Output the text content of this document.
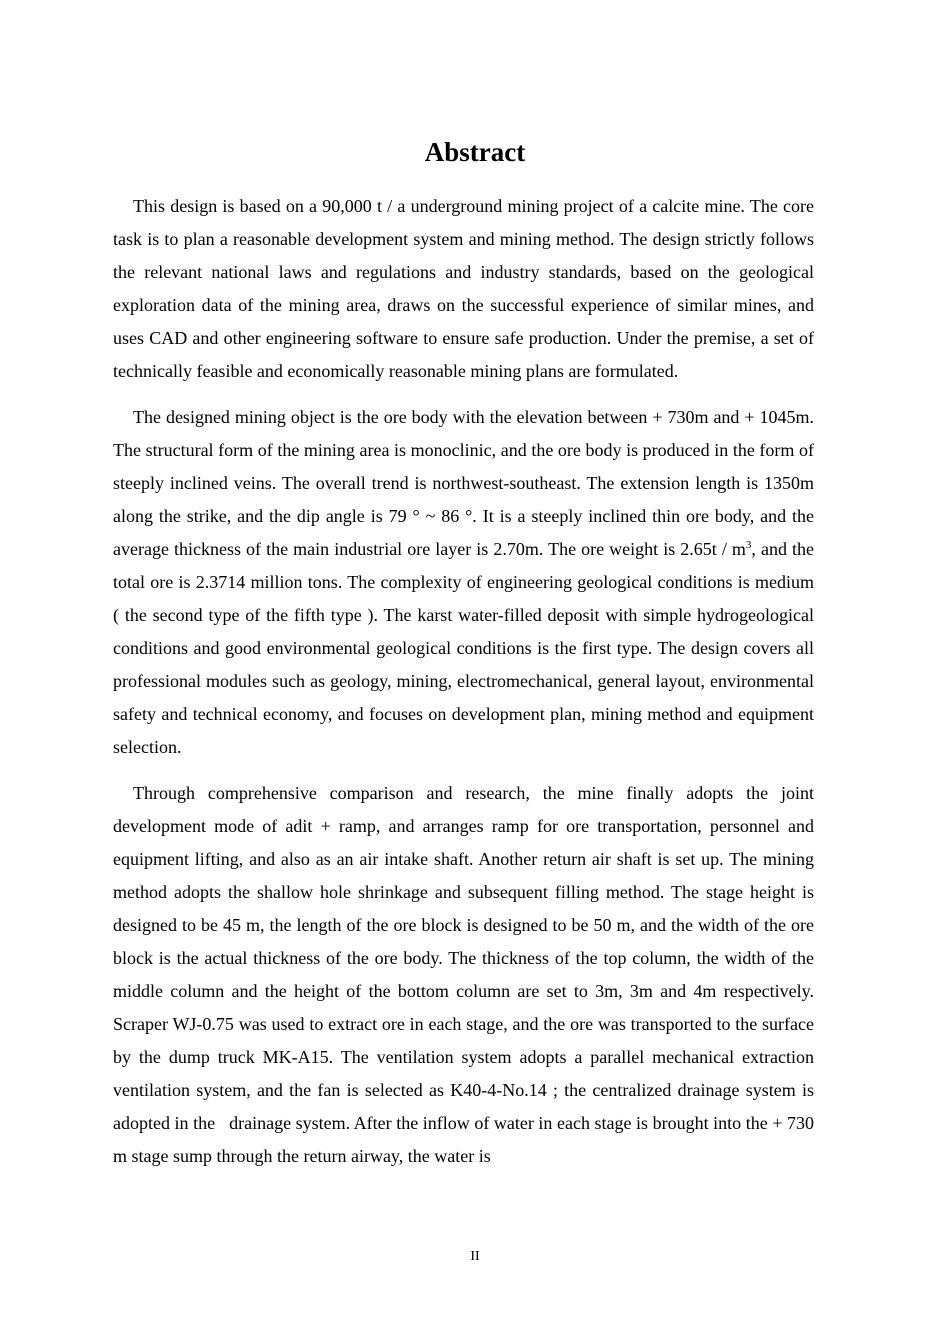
Abstract

This design is based on a 90,000 t / a underground mining project of a calcite mine. The core task is to plan a reasonable development system and mining method. The design strictly follows the relevant national laws and regulations and industry standards, based on the geological exploration data of the mining area, draws on the successful experience of similar mines, and uses CAD and other engineering software to ensure safe production. Under the premise, a set of technically feasible and economically reasonable mining plans are formulated.

The designed mining object is the ore body with the elevation between + 730m and + 1045m. The structural form of the mining area is monoclinic, and the ore body is produced in the form of steeply inclined veins. The overall trend is northwest-southeast. The extension length is 1350m along the strike, and the dip angle is 79 ° ~ 86 °. It is a steeply inclined thin ore body, and the average thickness of the main industrial ore layer is 2.70m. The ore weight is $2.65t / m^3$, and the total ore is 2.3714 million tons. The complexity of engineering geological conditions is medium ( the second type of the fifth type ). The karst water-filled deposit with simple hydrogeological conditions and good environmental geological conditions is the first type. The design covers all professional modules such as geology, mining, electromechanical, general layout, environmental safety and technical economy, and focuses on development plan, mining method and equipment selection.

Through comprehensive comparison and research, the mine finally adopts the joint development mode of adit + ramp, and arranges ramp for ore transportation, personnel and equipment lifting, and also as an air intake shaft. Another return air shaft is set up. The mining method adopts the shallow hole shrinkage and subsequent filling method. The stage height is designed to be 45 m, the length of the ore block is designed to be 50 m, and the width of the ore block is the actual thickness of the ore body. The thickness of the top column, the width of the middle column and the height of the bottom column are set to 3m, 3m and 4m respectively. Scraper WJ-0.75 was used to extract ore in each stage, and the ore was transported to the surface by the dump truck MK-A15. The ventilation system adopts a parallel mechanical extraction ventilation system, and the fan is selected as K40-4-No.14 ; the centralized drainage system is adopted in the drainage system. After the inflow of water in each stage is brought into the + 730 m stage sump through the return airway, the water is

II
